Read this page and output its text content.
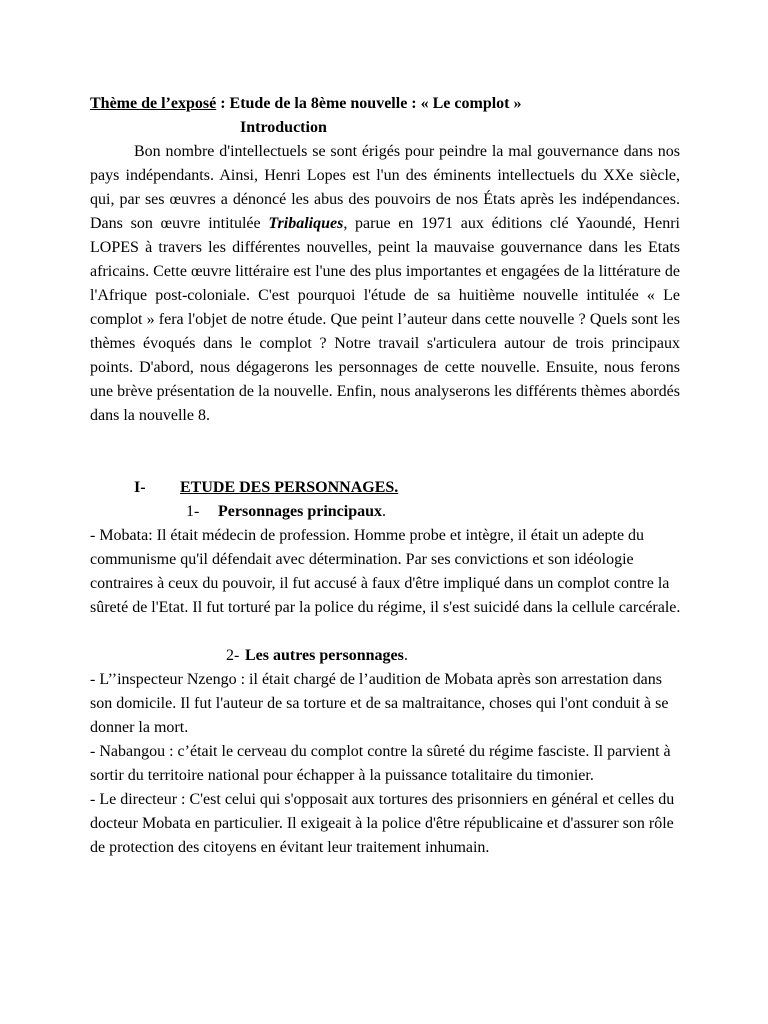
Thème de l’exposé : Etude de la 8ème nouvelle : « Le complot »

Introduction

Bon nombre d'intellectuels se sont érigés pour peindre la mal gouvernance dans nos pays indépendants. Ainsi, Henri Lopes est l'un des éminents intellectuels du XXe siècle, qui, par ses œuvres a dénoncé les abus des pouvoirs de nos États après les indépendances. Dans son œuvre intitulée Tribaliques, parue en 1971 aux éditions clé Yaoundé, Henri LOPES à travers les différentes nouvelles, peint la mauvaise gouvernance dans les Etats africains. Cette œuvre littéraire est l'une des plus importantes et engagées de la littérature de l'Afrique post-coloniale. C'est pourquoi l'étude de sa huitième nouvelle intitulée « Le complot » fera l'objet de notre étude. Que peint l’auteur dans cette nouvelle ? Quels sont les thèmes évoqués dans le complot ? Notre travail s'articulera autour de trois principaux points. D'abord, nous dégagerons les personnages de cette nouvelle. Ensuite, nous ferons une brève présentation de la nouvelle. Enfin, nous analyserons les différents thèmes abordés dans la nouvelle 8.

I- ETUDE DES PERSONNAGES.

1- Personnages principaux.

- Mobata: Il était médecin de profession. Homme probe et intègre, il était un adepte du communisme qu'il défendait avec détermination. Par ses convictions et son idéologie contraires à ceux du pouvoir, il fut accusé à faux d'être impliqué dans un complot contre la sûreté de l'Etat. Il fut torturé par la police du régime, il s'est suicidé dans la cellule carcérale.

2- Les autres personnages.

- L’’inspecteur Nzengo : il était chargé de l’audition de Mobata après son arrestation dans son domicile. Il fut l'auteur de sa torture et de sa maltraitance, choses qui l'ont conduit à se donner la mort.

- Nabangou : c’était le cerveau du complot contre la sûreté du régime fasciste. Il parvient à sortir du territoire national pour échapper à la puissance totalitaire du timonier.

- Le directeur : C'est celui qui s'opposait aux tortures des prisonniers en général et celles du docteur Mobata en particulier. Il exigeait à la police d'être républicaine et d'assurer son rôle de protection des citoyens en évitant leur traitement inhumain.
